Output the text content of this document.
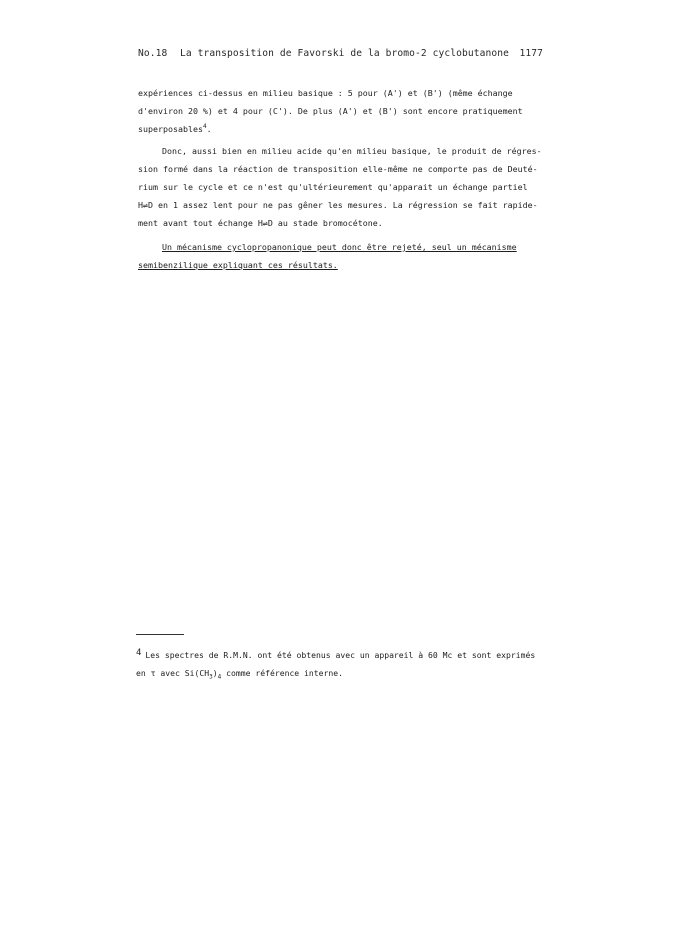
No.18 La transposition de Favorski de la bromo-2 cyclobutanone 1177
expériences ci-dessus en milieu basique : 5 pour (A') et (B') (même échange
d'environ 20 %) et 4 pour (C'). De plus (A') et (B') sont encore pratiquement
superposables$^4$.
Donc, aussi bien en milieu acide qu'en milieu basique, le produit de régres-
sion formé dans la réaction de transposition elle-même ne comporte pas de Deuté-
rium sur le cycle et ce n'est qu'ultérieurement qu'apparait un échange partiel
H⇌D en 1 assez lent pour ne pas gêner les mesures. La régression se fait rapide-
ment avant tout échange H⇌D au stade bromocétone.
Un mécanisme cyclopropanonique peut donc être rejeté, seul un mécanisme
semibenzilique expliquant ces résultats.
4 Les spectres de R.M.N. ont été obtenus avec un appareil à 60 Mc et sont exprimés
en τ avec $Si(CH_3)_4$ comme référence interne.
